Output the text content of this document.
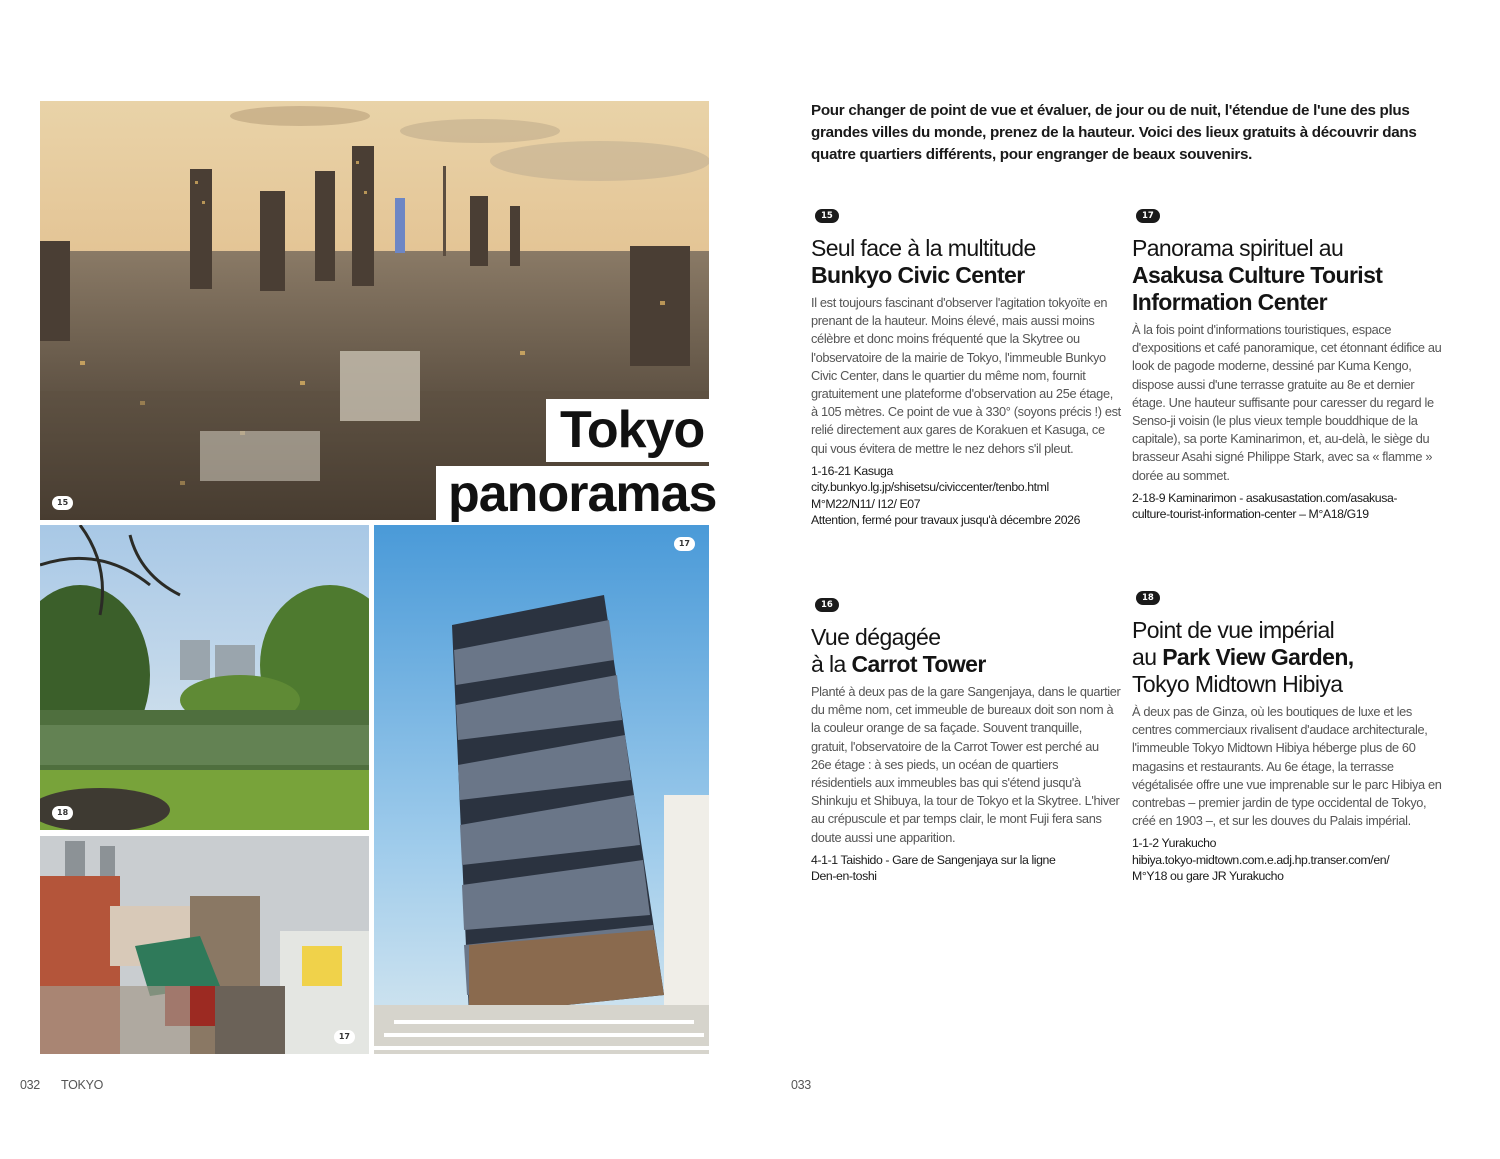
15
Tokyo
panoramas
18
17
17

Pour changer de point de vue et évaluer, de jour ou de nuit, l'étendue de l'une des plus grandes villes du monde, prenez de la hauteur. Voici des lieux gratuits à découvrir dans quatre quartiers différents, pour engranger de beaux souvenirs.

15
Seul face à la multitude
Bunkyo Civic Center

Il est toujours fascinant d'observer l'agitation tokyoïte en prenant de la hauteur. Moins élevé, mais aussi moins célèbre et donc moins fréquenté que la Skytree ou l'observatoire de la mairie de Tokyo, l'immeuble Bunkyo Civic Center, dans le quartier du même nom, fournit gratuitement une plateforme d'observation au 25e étage, à 105 mètres. Ce point de vue à 330° (soyons précis !) est relié directement aux gares de Korakuen et Kasuga, ce qui vous évitera de mettre le nez dehors s'il pleut.

1-16-21 Kasuga
city.bunkyo.lg.jp/shisetsu/civiccenter/tenbo.html
M°M22/N11/ I12/ E07
Attention, fermé pour travaux jusqu'à décembre 2026
17
Panorama spirituel au
Asakusa Culture Tourist Information Center

À la fois point d'informations touristiques, espace d'expositions et café panoramique, cet étonnant édifice au look de pagode moderne, dessiné par Kuma Kengo, dispose aussi d'une terrasse gratuite au 8e et dernier étage. Une hauteur suffisante pour caresser du regard le Senso-ji voisin (le plus vieux temple bouddhique de la capitale), sa porte Kaminarimon, et, au-delà, le siège du brasseur Asahi signé Philippe Stark, avec sa « flamme » dorée au sommet.

2-18-9 Kaminarimon - asakusastation.com/asakusa-
culture-tourist-information-center – M°A18/G19
16
Vue dégagée
à la Carrot Tower

Planté à deux pas de la gare Sangenjaya, dans le quartier du même nom, cet immeuble de bureaux doit son nom à la couleur orange de sa façade. Souvent tranquille, gratuit, l'observatoire de la Carrot Tower est perché au 26e étage : à ses pieds, un océan de quartiers résidentiels aux immeubles bas qui s'étend jusqu'à Shinkuju et Shibuya, la tour de Tokyo et la Skytree. L'hiver au crépuscule et par temps clair, le mont Fuji fera sans doute aussi une apparition.

4-1-1 Taishido - Gare de Sangenjaya sur la ligne
Den-en-toshi
18
Point de vue impérial
au Park View Garden,
Tokyo Midtown Hibiya

À deux pas de Ginza, où les boutiques de luxe et les centres commerciaux rivalisent d'audace architecturale, l'immeuble Tokyo Midtown Hibiya héberge plus de 60 magasins et restaurants. Au 6e étage, la terrasse végétalisée offre une vue imprenable sur le parc Hibiya en contrebas – premier jardin de type occidental de Tokyo, créé en 1903 –, et sur les douves du Palais impérial.

1-1-2 Yurakucho
hibiya.tokyo-midtown.com.e.adj.hp.transer.com/en/
M°Y18 ou gare JR Yurakucho
032 TOKYO	033
